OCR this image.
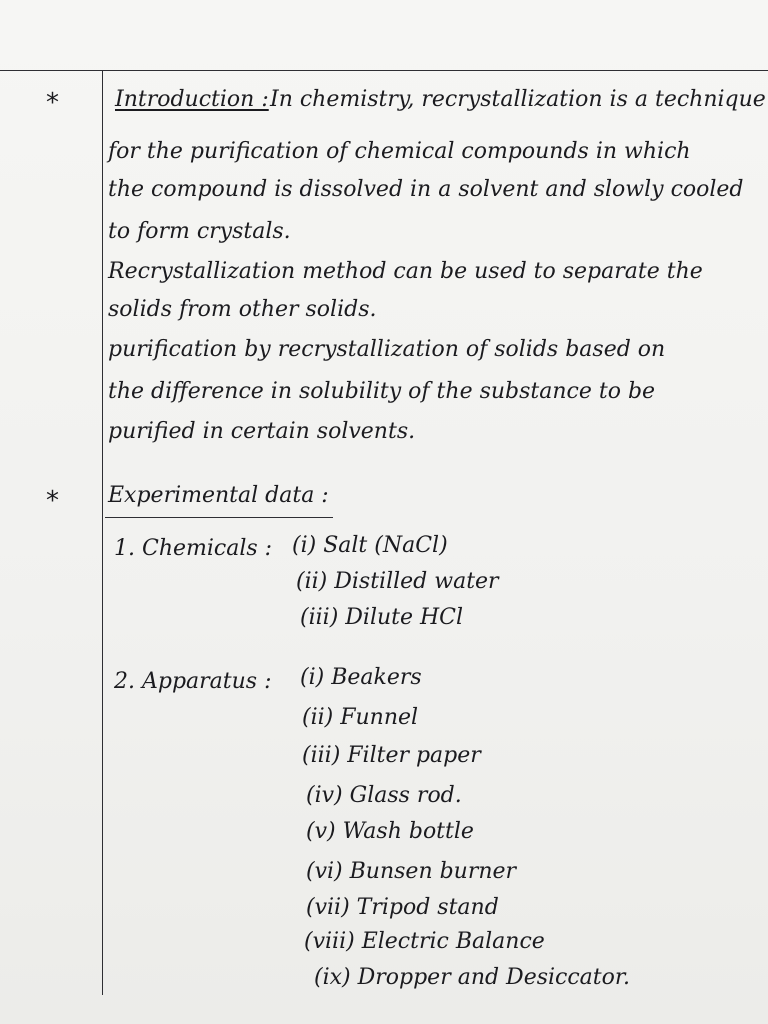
*	Introduction : In chemistry, recrystallization is a technique
for the purification of chemical compounds in which
the compound is dissolved in a solvent and slowly cooled
to form crystals.
Recrystallization method can be used to separate the
solids from other solids.
purification by recrystallization of solids based on
the difference in solubility of the substance to be
purified in certain solvents.
* Experimental data :
1. Chemicals : (i) Salt (NaCl)
(ii) Distilled water
(iii) Dilute HCl
2. Apparatus : (i) Beakers
(ii) Funnel
(iii) Filter paper
(iv) Glass rod.
(v) Wash bottle
(vi) Bunsen burner
(vii) Tripod stand
(viii) Electric Balance
(ix) Dropper and Desiccator.
